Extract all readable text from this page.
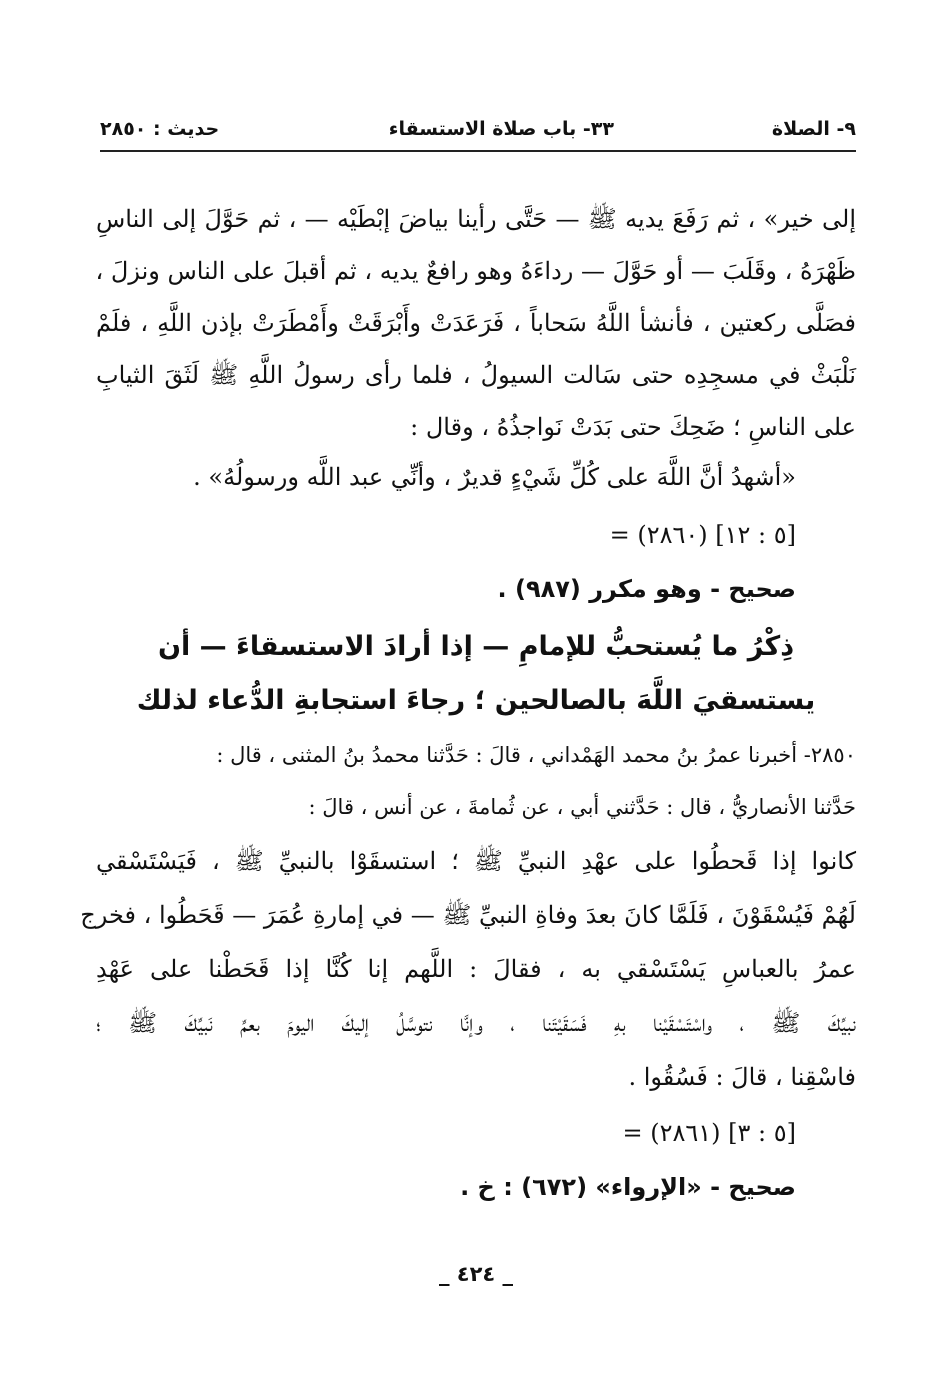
٩- الصلاة
٣٣- باب صلاة الاستسقاء
حديث : ٢٨٥٠
إلى خير» ، ثم رَفَعَ يديه ﷺ — حَتَّى رأينا بياضَ إبْطَيْه — ، ثم حَوَّلَ إلى الناسِ
ظَهْرَهُ ، وقَلَبَ — أو حَوَّلَ — رداءَهُ وهو رافعٌ يديه ، ثم أقبلَ على الناس ونزلَ ،
فصَلَّى ركعتين ، فأنشأ اللَّهُ سَحاباً ، فَرَعَدَتْ وأَبْرَقَتْ وأَمْطَرَتْ بإذن اللَّهِ ، فلَمْ
نَلْبَثْ في مسجِدِه حتى سَالت السيولُ ، فلما رأى رسولُ اللَّهِ ﷺ لَثَقَ الثيابِ
على الناسِ ؛ ضَحِكَ حتى بَدَتْ نَواجذُهُ ، وقال :
«أشهدُ أنَّ اللَّهَ على كُلِّ شَيْءٍ قديرٌ ، وأنِّي عبد اللَّه ورسولُهُ» .
= (٢٨٦٠) [٥ : ١٢]
صحيح - وهو مكرر (٩٨٧) .
ذِكْرُ ما يُستحبُّ للإمامِ — إذا أرادَ الاستسقاءَ — أن
يستسقيَ اللَّهَ بالصالحين ؛ رجاءَ استجابةِ الدُّعاء لذلك
٢٨٥٠- أخبرنا عمرُ بنُ محمد الهَمْداني ، قالَ : حَدَّثنا محمدُ بنُ المثنى ، قال :
حَدَّثنا الأنصاريُّ ، قال : حَدَّثني أبي ، عن ثُمامةَ ، عن أنس ، قالَ :
كانوا إذا قَحطُوا على عهْدِ النبيِّ ﷺ ؛ استسقَوْا بالنبيِّ ﷺ ، فَيَسْتَسْقي
لَهُمْ فَيُسْقَوْنَ ، فَلَمَّا كانَ بعدَ وفاةِ النبيِّ ﷺ — في إمارةِ عُمَرَ — قَحَطُوا ، فخرج
عمرُ بالعباسِ يَسْتَسْقي به ، فقالَ : اللَّهم إنا كُنَّا إذا قَحَطْنا على عَهْدِ
نبيِّكَ ﷺ ، واسْتَسْقَيْنا بهِ فَسَقَيْتَنا ، وإنَّا نتوسَّلُ إليكَ اليومَ بعمِّ نَبيِّكَ ﷺ ؛
فاسْقِنا ، قالَ : فَسُقُوا .
= (٢٨٦١) [٥ : ٣]
صحيح - «الإرواء» (٦٧٢) : خ .
_ ٤٢٤ _
